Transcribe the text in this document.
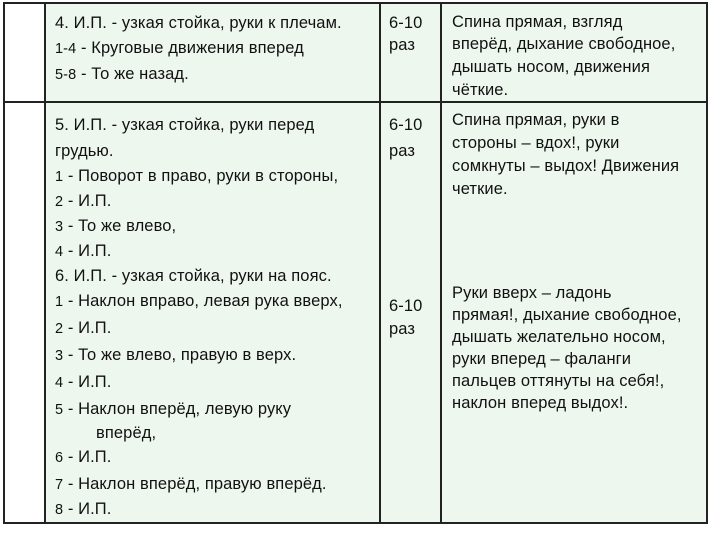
4. И.П. - узкая стойка, руки к плечам.
1-4 - Круговые движения вперед
5-8 - То же назад.
6-10
раз
Спина прямая, взгляд
вперёд, дыхание свободное,
дышать носом, движения
чёткие.
5. И.П. - узкая стойка, руки перед
грудью.
1 - Поворот в право, руки в стороны,
2 - И.П.
3 - То же влево,
4 - И.П.
6. И.П. - узкая стойка, руки на пояс.
1 - Наклон вправо, левая рука вверх,
2 - И.П.
3 - То же влево, правую в верх.
4 - И.П.
5 - Наклон вперёд, левую руку
вперёд,
6 - И.П.
7 - Наклон вперёд, правую вперёд.
8 - И.П.
6-10
раз
6-10
раз
Спина прямая, руки в
стороны – вдох!, руки
сомкнуты – выдох! Движения
четкие.
Руки вверх – ладонь
прямая!, дыхание свободное,
дышать желательно носом,
руки вперед – фаланги
пальцев оттянуты на себя!,
наклон вперед выдох!.
